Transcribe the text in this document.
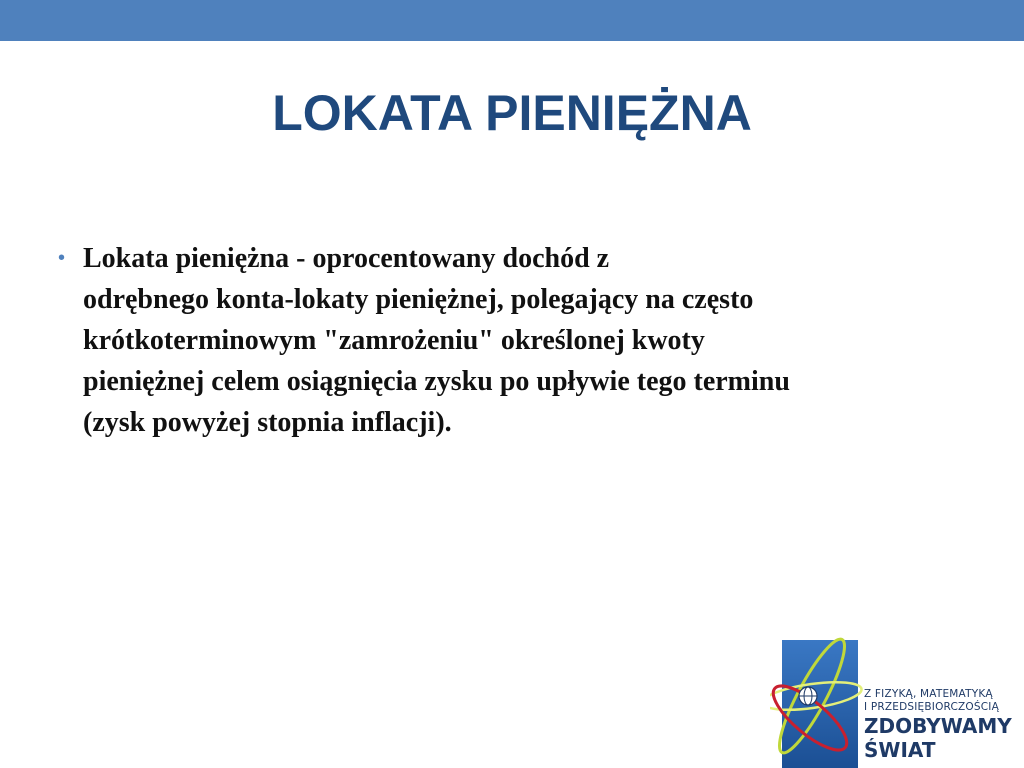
LOKATA PIENIĘŻNA
• Lokata pieniężna - oprocentowany dochód z
odrębnego konta-lokaty pieniężnej, polegający na często
krótkoterminowym "zamrożeniu" określonej kwoty
pieniężnej celem osiągnięcia zysku po upływie tego terminu
(zysk powyżej stopnia inflacji).
Z FIZYKĄ, MATEMATYKĄ
I PRZEDSIĘBIORCZOŚCIĄ
ZDOBYWAMY
ŚWIAT
